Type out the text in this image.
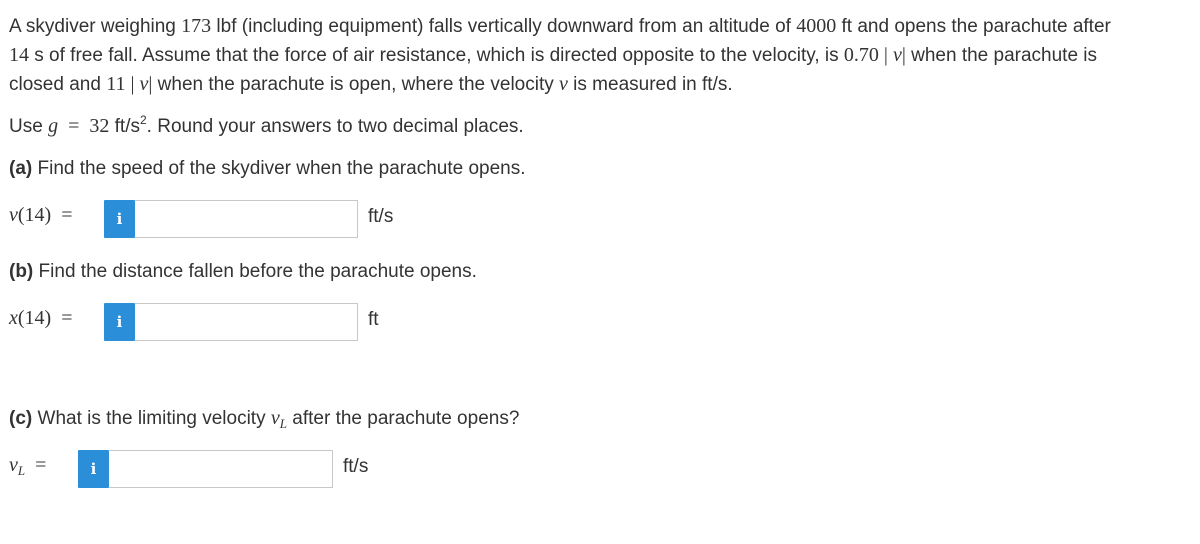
A skydiver weighing 173 lbf (including equipment) falls vertically downward from an altitude of 4000 ft and opens the parachute after
14 s of free fall. Assume that the force of air resistance, which is directed opposite to the velocity, is 0.70 | v| when the parachute is
closed and 11 | v| when the parachute is open, where the velocity v is measured in ft/s.
Use g  =  32 $ft/s^2$. Round your answers to two decimal places.
(a) Find the speed of the skydiver when the parachute opens.
v(14) =	i	ft/s
(b) Find the distance fallen before the parachute opens.
x(14) =	i	ft
(c) What is the limiting velocity $v_L$ after the parachute opens?
$v_L$ =	i	ft/s
